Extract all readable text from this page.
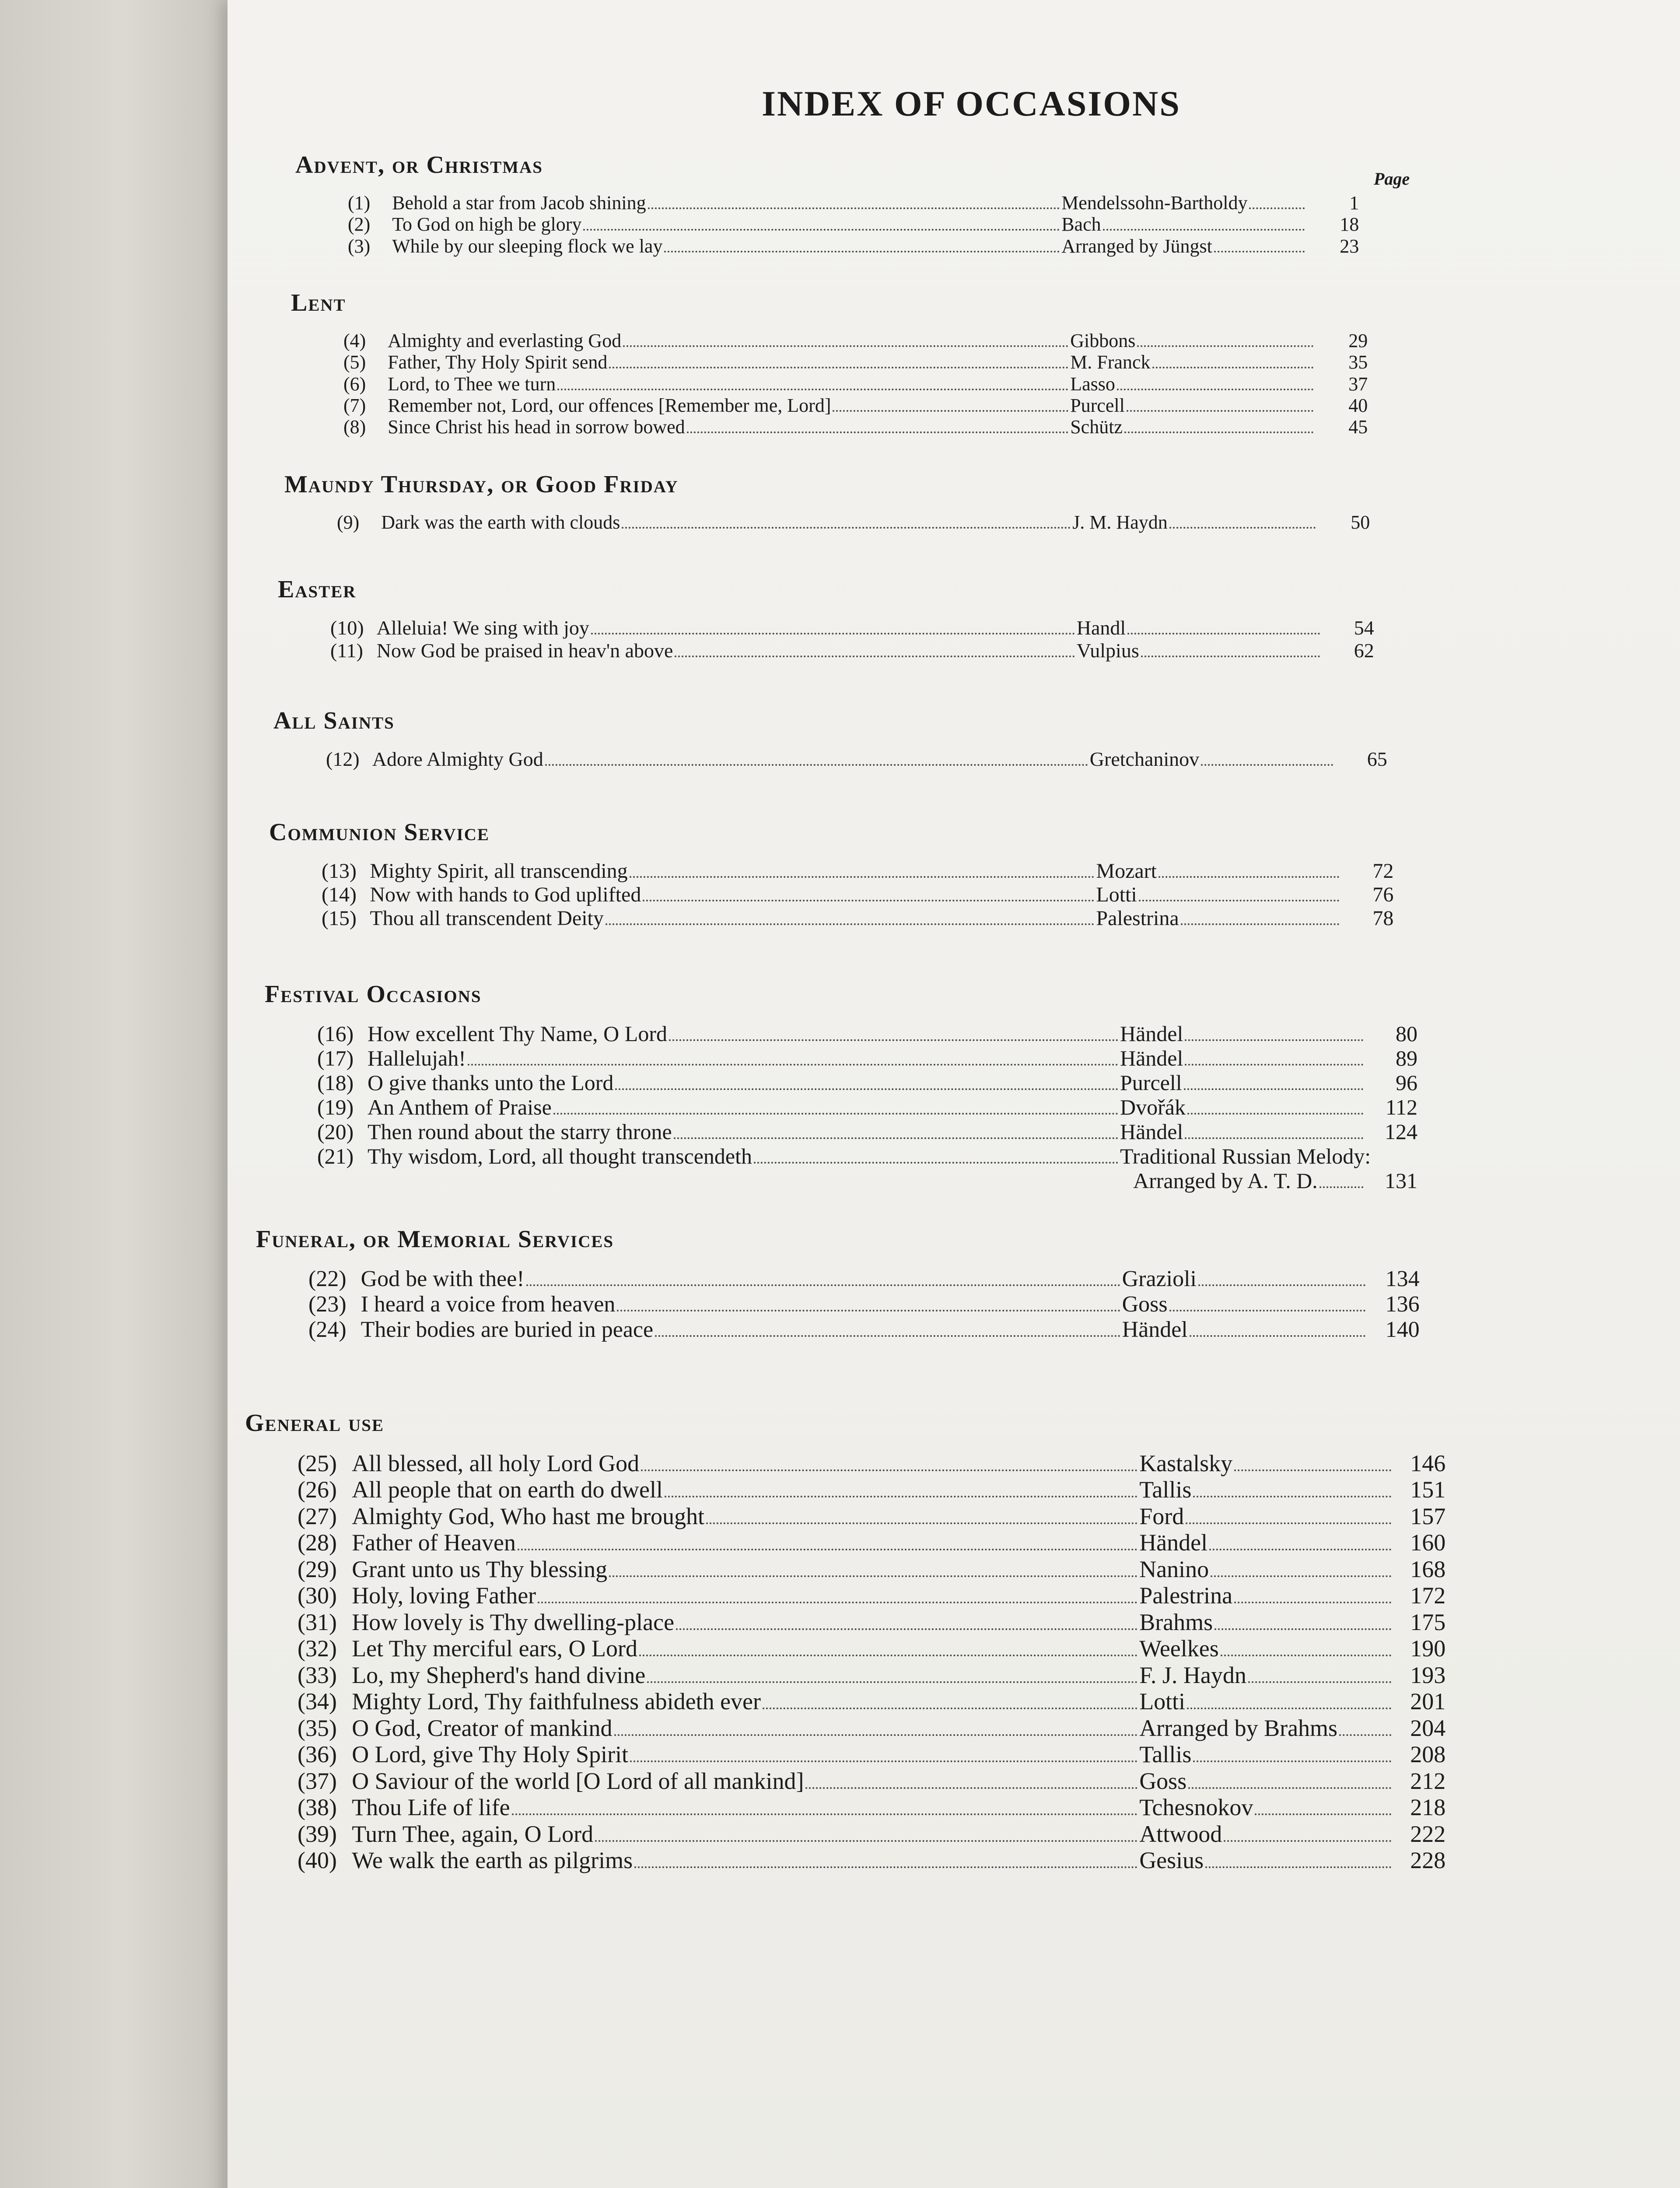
INDEX OF OCCASIONS
Page
Advent, or Christmas
(1)	Behold a star from Jacob shining	Mendelssohn-Bartholdy	1
(2)	To God on high be glory	Bach	18
(3)	While by our sleeping flock we lay	Arranged by Jüngst	23
Lent
(4)	Almighty and everlasting God	Gibbons	29
(5)	Father, Thy Holy Spirit send	M. Franck	35
(6)	Lord, to Thee we turn	Lasso	37
(7)	Remember not, Lord, our offences [Remember me, Lord]	Purcell	40
(8)	Since Christ his head in sorrow bowed	Schütz	45
Maundy Thursday, or Good Friday
(9)	Dark was the earth with clouds	J. M. Haydn	50
Easter
(10) Alleluia! We sing with joy	Handl	54
(11) Now God be praised in heav'n above	Vulpius	62
All Saints
(12) Adore Almighty God	Gretchaninov	65
Communion Service
(13) Mighty Spirit, all transcending	Mozart	72
(14) Now with hands to God uplifted	Lotti	76
(15) Thou all transcendent Deity	Palestrina	78
Festival Occasions
(16) How excellent Thy Name, O Lord	Händel	80
(17) Hallelujah!	Händel	89
(18) O give thanks unto the Lord	Purcell	96
(19) An Anthem of Praise	Dvořák	112
(20) Then round about the starry throne	Händel	124
(21) Thy wisdom, Lord, all thought transcendeth	Traditional Russian Melody:
Arranged by A. T. D.	131
Funeral, or Memorial Services
(22) God be with thee!	Grazioli	134
(23) I heard a voice from heaven	Goss	136
(24) Their bodies are buried in peace	Händel	140
General use
(25) All blessed, all holy Lord God	Kastalsky	146
(26) All people that on earth do dwell	Tallis	151
(27) Almighty God, Who hast me brought	Ford	157
(28) Father of Heaven	Händel	160
(29) Grant unto us Thy blessing	Nanino	168
(30) Holy, loving Father	Palestrina	172
(31) How lovely is Thy dwelling-place	Brahms	175
(32) Let Thy merciful ears, O Lord	Weelkes	190
(33) Lo, my Shepherd's hand divine	F. J. Haydn	193
(34) Mighty Lord, Thy faithfulness abideth ever	Lotti	201
(35) O God, Creator of mankind	Arranged by Brahms	204
(36) O Lord, give Thy Holy Spirit	Tallis	208
(37) O Saviour of the world [O Lord of all mankind]	Goss	212
(38) Thou Life of life	Tchesnokov	218
(39) Turn Thee, again, O Lord	Attwood	222
(40) We walk the earth as pilgrims	Gesius	228
